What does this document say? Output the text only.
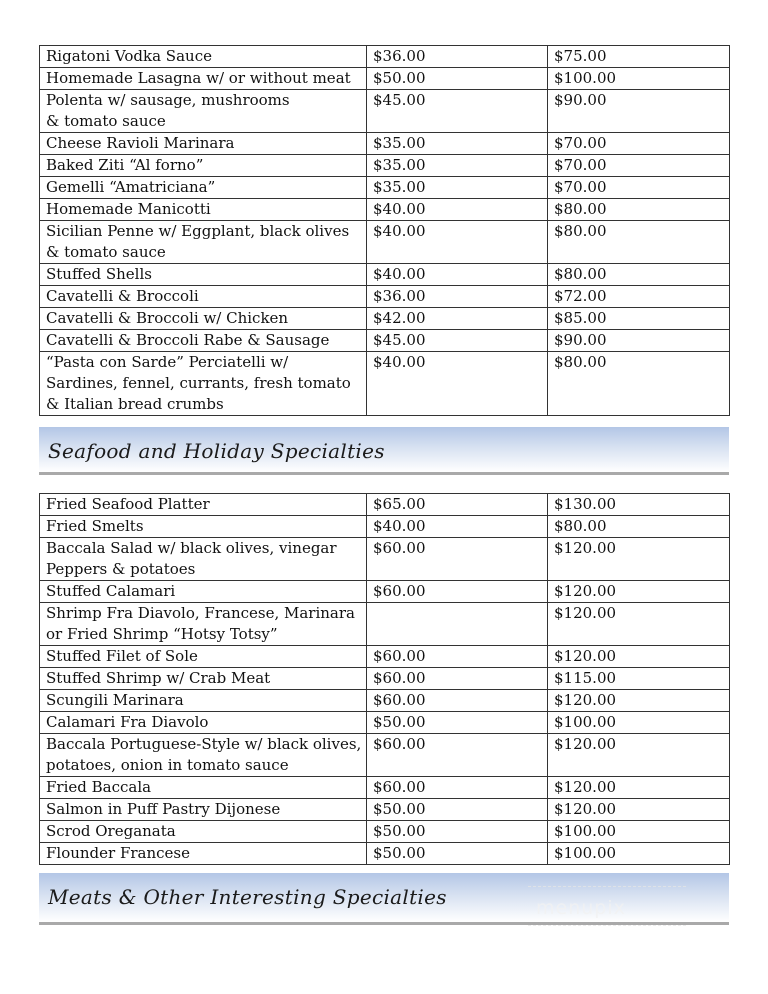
Rigatoni Vodka Sauce	$36.00	$75.00
Homemade Lasagna w/ or without meat	$50.00	$100.00
Polenta w/ sausage, mushrooms
& tomato sauce	$45.00	$90.00
Cheese Ravioli Marinara	$35.00	$70.00
Baked Ziti “Al forno”	$35.00	$70.00
Gemelli “Amatriciana”	$35.00	$70.00
Homemade Manicotti	$40.00	$80.00
Sicilian Penne w/ Eggplant, black olives
& tomato sauce	$40.00	$80.00
Stuffed Shells	$40.00	$80.00
Cavatelli & Broccoli	$36.00	$72.00
Cavatelli & Broccoli w/ Chicken	$42.00	$85.00
Cavatelli & Broccoli Rabe & Sausage	$45.00	$90.00
“Pasta con Sarde” Perciatelli w/
Sardines, fennel, currants, fresh tomato
& Italian bread crumbs	$40.00	$80.00
Seafood and Holiday Specialties
Fried Seafood Platter	$65.00	$130.00
Fried Smelts	$40.00	$80.00
Baccala Salad w/ black olives, vinegar
Peppers & potatoes	$60.00	$120.00
Stuffed Calamari	$60.00	$120.00
Shrimp Fra Diavolo, Francese, Marinara
or Fried Shrimp “Hotsy Totsy”		$120.00
Stuffed Filet of Sole	$60.00	$120.00
Stuffed Shrimp w/ Crab Meat	$60.00	$115.00
Scungili Marinara	$60.00	$120.00
Calamari Fra Diavolo	$50.00	$100.00
Baccala Portuguese-Style w/ black olives,
potatoes, onion in tomato sauce	$60.00	$120.00
Fried Baccala	$60.00	$120.00
Salmon in Puff Pastry Dijonese	$50.00	$120.00
Scrod Oreganata	$50.00	$100.00
Flounder Francese	$50.00	$100.00
Meats & Other Interesting Specialties	menupix
